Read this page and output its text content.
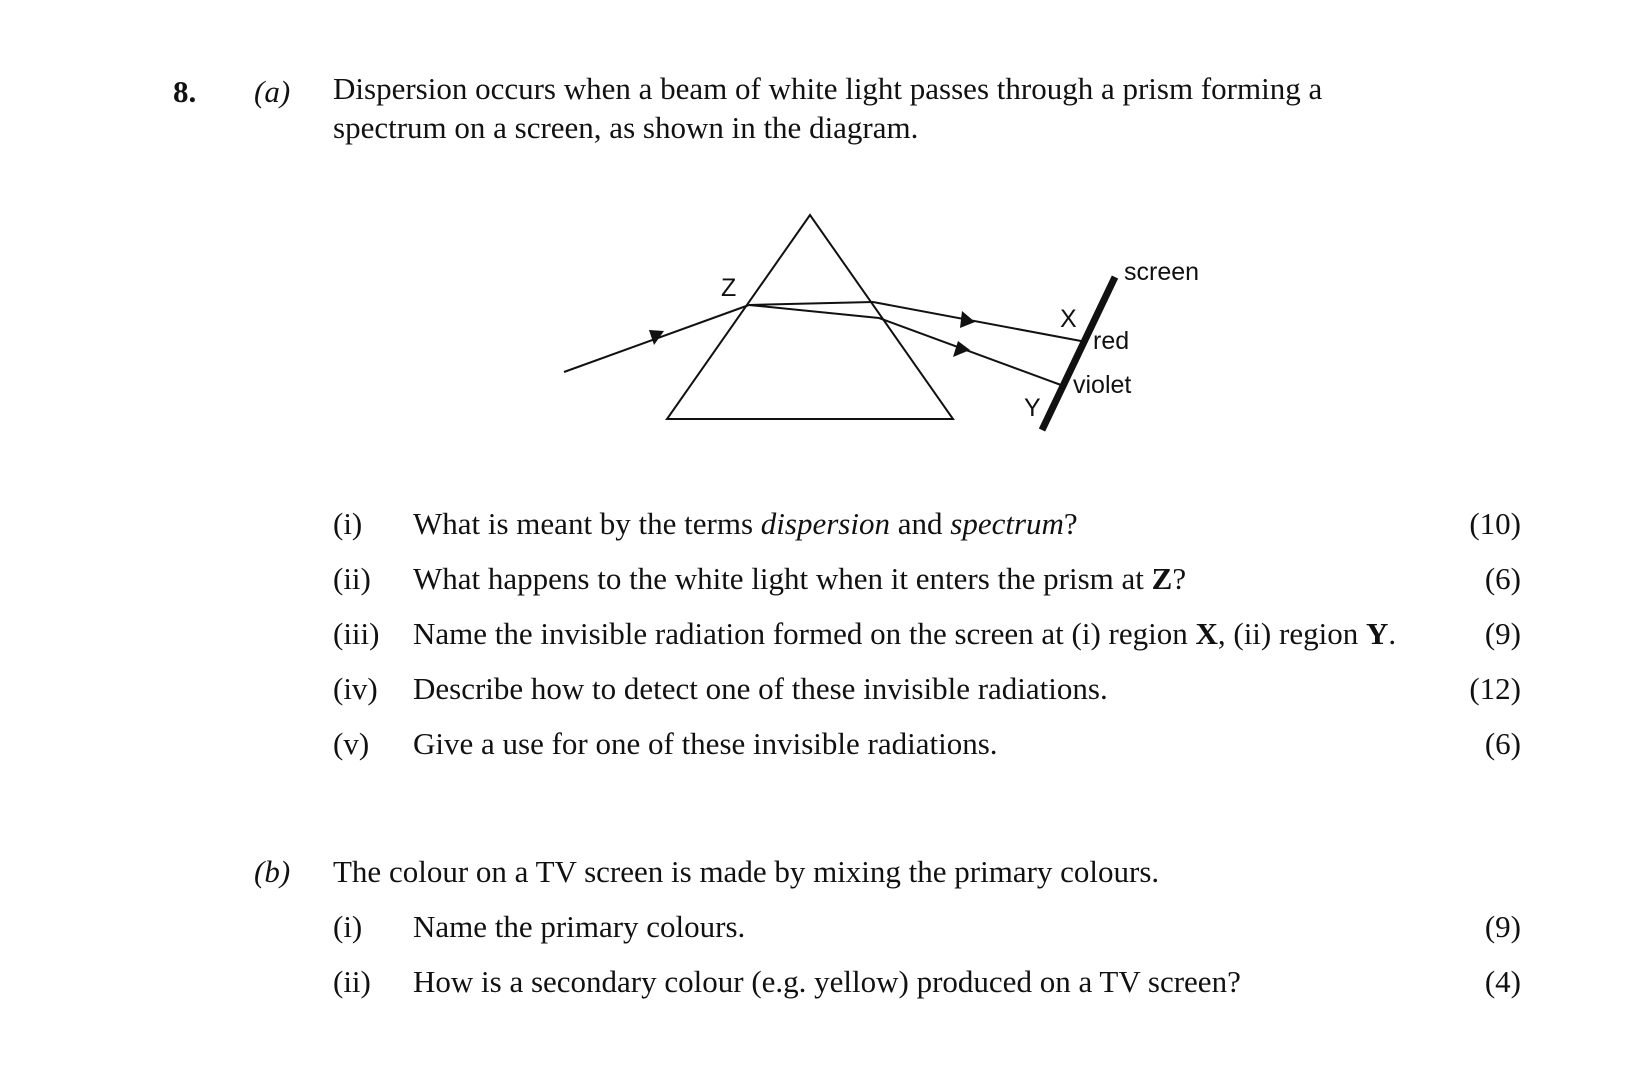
8. (a) Dispersion occurs when a beam of white light passes through a prism forming a
spectrum on a screen, as shown in the diagram.
Z
screen
X
red
violet
Y
(i) What is meant by the terms dispersion and spectrum?	(10)
(ii) What happens to the white light when it enters the prism at Z?	(6)
(iii) Name the invisible radiation formed on the screen at (i) region X, (ii) region Y.	(9)
(iv) Describe how to detect one of these invisible radiations.	(12)
(v) Give a use for one of these invisible radiations.	(6)
(b) The colour on a TV screen is made by mixing the primary colours.
(i) Name the primary colours.	(9)
(ii) How is a secondary colour (e.g. yellow) produced on a TV screen?	(4)
